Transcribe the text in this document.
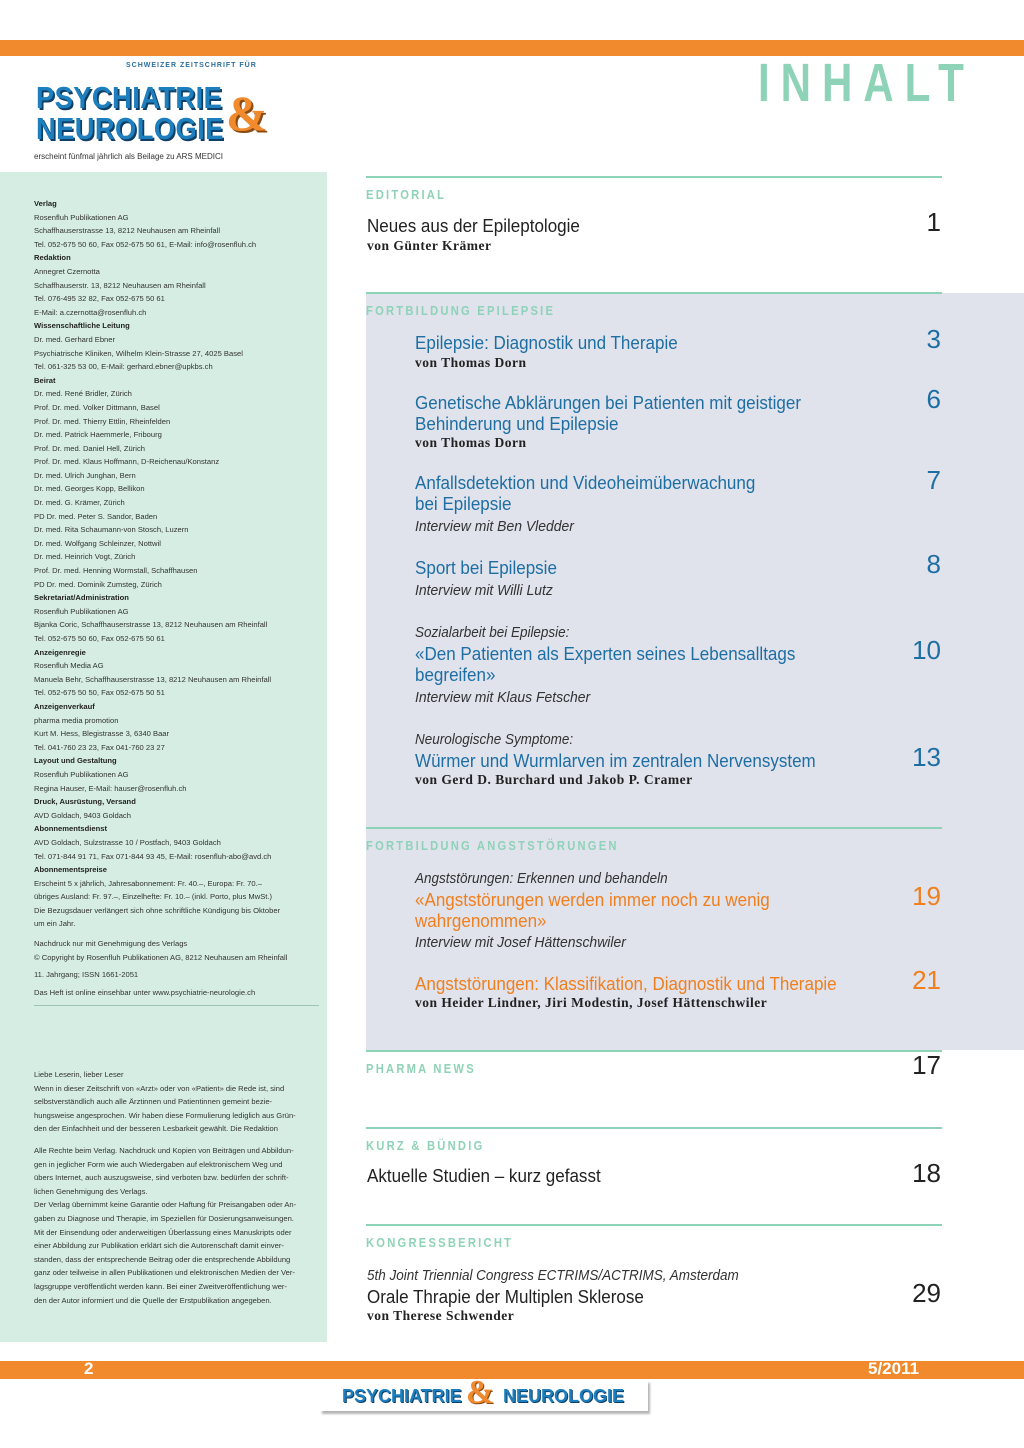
SCHWEIZER ZEITSCHRIFT FÜR
PSYCHIATRIE
NEUROLOGIE &
erscheint fünfmal jährlich als Beilage zu ARS MEDICI
INHALT

Verlag

Rosenfluh Publikationen AG

Schaffhauserstrasse 13, 8212 Neuhausen am Rheinfall

Tel. 052-675 50 60, Fax 052-675 50 61, E-Mail: info@rosenfluh.ch

Redaktion

Annegret Czernotta

Schaffhauserstr. 13, 8212 Neuhausen am Rheinfall

Tel. 076-495 32 82, Fax 052-675 50 61

E-Mail: a.czernotta@rosenfluh.ch

Wissenschaftliche Leitung

Dr. med. Gerhard Ebner

Psychiatrische Kliniken, Wilhelm Klein-Strasse 27, 4025 Basel

Tel. 061-325 53 00, E-Mail: gerhard.ebner@upkbs.ch

Beirat

Dr. med. René Bridler, Zürich

Prof. Dr. med. Volker Dittmann, Basel

Prof. Dr. med. Thierry Ettlin, Rheinfelden

Dr. med. Patrick Haemmerle, Fribourg

Prof. Dr. med. Daniel Hell, Zürich

Prof. Dr. med. Klaus Hoffmann, D-Reichenau/Konstanz

Dr. med. Ulrich Junghan, Bern

Dr. med. Georges Kopp, Bellikon

Dr. med. G. Krämer, Zürich

PD Dr. med. Peter S. Sandor, Baden

Dr. med. Rita Schaumann-von Stosch, Luzern

Dr. med. Wolfgang Schleinzer, Nottwil

Dr. med. Heinrich Vogt, Zürich

Prof. Dr. med. Henning Wormstall, Schaffhausen

PD Dr. med. Dominik Zumsteg, Zürich

Sekretariat/Administration

Rosenfluh Publikationen AG

Bjanka Coric, Schaffhauserstrasse 13, 8212 Neuhausen am Rheinfall

Tel. 052-675 50 60, Fax 052-675 50 61

Anzeigenregie

Rosenfluh Media AG

Manuela Behr, Schaffhauserstrasse 13, 8212 Neuhausen am Rheinfall

Tel. 052-675 50 50, Fax 052-675 50 51

Anzeigenverkauf

pharma media promotion

Kurt M. Hess, Blegistrasse 3, 6340 Baar

Tel. 041-760 23 23, Fax 041-760 23 27

Layout und Gestaltung

Rosenfluh Publikationen AG

Regina Hauser, E-Mail: hauser@rosenfluh.ch

Druck, Ausrüstung, Versand

AVD Goldach, 9403 Goldach

Abonnementsdienst

AVD Goldach, Sulzstrasse 10 / Postfach, 9403 Goldach

Tel. 071-844 91 71, Fax 071-844 93 45, E-Mail: rosenfluh-abo@avd.ch

Abonnementspreise

Erscheint 5 x jährlich, Jahresabonnement: Fr. 40.–, Europa: Fr. 70.–

übriges Ausland: Fr. 97.–, Einzelhefte: Fr. 10.– (inkl. Porto, plus MwSt.)

Die Bezugsdauer verlängert sich ohne schriftliche Kündigung bis Oktober

um ein Jahr.

Nachdruck nur mit Genehmigung des Verlags

© Copyright by Rosenfluh Publikationen AG, 8212 Neuhausen am Rheinfall

11. Jahrgang; ISSN 1661-2051

Das Heft ist online einsehbar unter www.psychiatrie-neurologie.ch

Liebe Leserin, lieber Leser
Wenn in dieser Zeitschrift von «Arzt» oder von «Patient» die Rede ist, sind
selbstverständlich auch alle Ärztinnen und Patientinnen gemeint bezie-
hungsweise angesprochen. Wir haben diese Formulierung lediglich aus Grün-
den der Einfachheit und der besseren Lesbarkeit gewählt. Die Redaktion

Alle Rechte beim Verlag. Nachdruck und Kopien von Beiträgen und Abbildun-
gen in jeglicher Form wie auch Wiedergaben auf elektronischem Weg und
übers Internet, auch auszugsweise, sind verboten bzw. bedürfen der schrift-
lichen Genehmigung des Verlags.
Der Verlag übernimmt keine Garantie oder Haftung für Preisangaben oder An-
gaben zu Diagnose und Therapie, im Speziellen für Dosierungsanweisungen.
Mit der Einsendung oder anderweitigen Überlassung eines Manuskripts oder
einer Abbildung zur Publikation erklärt sich die Autorenschaft damit einver-
standen, dass der entsprechende Beitrag oder die entsprechende Abbildung
ganz oder teilweise in allen Publikationen und elektronischen Medien der Ver-
lagsgruppe veröffentlicht werden kann. Bei einer Zweitveröffentlichung wer-
den der Autor informiert und die Quelle der Erstpublikation angegeben.

EDITORIAL
Neues aus der Epileptologie
von Günter Krämer
1
FORTBILDUNG EPILEPSIE
Epilepsie: Diagnostik und Therapie
von Thomas Dorn
3
Genetische Abklärungen bei Patienten mit geistiger
Behinderung und Epilepsie
von Thomas Dorn
6
Anfallsdetektion und Videoheimüberwachung
bei Epilepsie
Interview mit Ben Vledder
7
Sport bei Epilepsie
Interview mit Willi Lutz
8
Sozialarbeit bei Epilepsie:
«Den Patienten als Experten seines Lebensalltags
begreifen»
Interview mit Klaus Fetscher
10
Neurologische Symptome:
Würmer und Wurmlarven im zentralen Nervensystem
von Gerd D. Burchard und Jakob P. Cramer
13
FORTBILDUNG ANGSTSTÖRUNGEN
Angststörungen: Erkennen und behandeln
«Angststörungen werden immer noch zu wenig
wahrgenommen»
Interview mit Josef Hättenschwiler
19
Angststörungen: Klassifikation, Diagnostik und Therapie
von Heider Lindner, Jiri Modestin, Josef Hättenschwiler
21
PHARMA NEWS	17
KURZ & BÜNDIG
Aktuelle Studien – kurz gefasst	18
KONGRESSBERICHT
5th Joint Triennial Congress ECTRIMS/ACTRIMS, Amsterdam
Orale Thrapie der Multiplen Sklerose
von Therese Schwender
29
2	5/2011
PSYCHIATRIE & NEUROLOGIE
